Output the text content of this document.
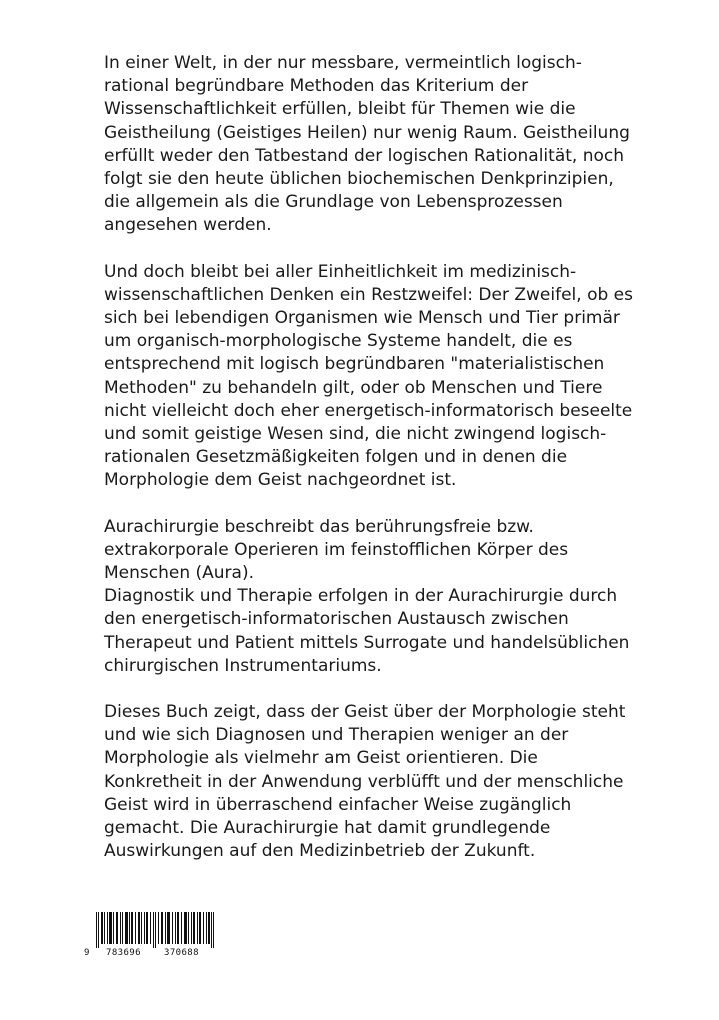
In einer Welt, in der nur messbare, vermeintlich logisch-
rational begründbare Methoden das Kriterium der
Wissenschaftlichkeit erfüllen, bleibt für Themen wie die
Geistheilung (Geistiges Heilen) nur wenig Raum. Geistheilung
erfüllt weder den Tatbestand der logischen Rationalität, noch
folgt sie den heute üblichen biochemischen Denkprinzipien,
die allgemein als die Grundlage von Lebensprozessen
angesehen werden.

Und doch bleibt bei aller Einheitlichkeit im medizinisch-
wissenschaftlichen Denken ein Restzweifel: Der Zweifel, ob es
sich bei lebendigen Organismen wie Mensch und Tier primär
um organisch-morphologische Systeme handelt, die es
entsprechend mit logisch begründbaren "materialistischen
Methoden" zu behandeln gilt, oder ob Menschen und Tiere
nicht vielleicht doch eher energetisch-informatorisch beseelte
und somit geistige Wesen sind, die nicht zwingend logisch-
rationalen Gesetzmäßigkeiten folgen und in denen die
Morphologie dem Geist nachgeordnet ist.

Aurachirurgie beschreibt das berührungsfreie bzw.
extrakorporale Operieren im feinstofflichen Körper des
Menschen (Aura).
Diagnostik und Therapie erfolgen in der Aurachirurgie durch
den energetisch-informatorischen Austausch zwischen
Therapeut und Patient mittels Surrogate und handelsüblichen
chirurgischen Instrumentariums.

Dieses Buch zeigt, dass der Geist über der Morphologie steht
und wie sich Diagnosen und Therapien weniger an der
Morphologie als vielmehr am Geist orientieren. Die
Konkretheit in der Anwendung verblüfft und der menschliche
Geist wird in überraschend einfacher Weise zugänglich
gemacht. Die Aurachirurgie hat damit grundlegende
Auswirkungen auf den Medizinbetrieb der Zukunft.

9 783696	370688
